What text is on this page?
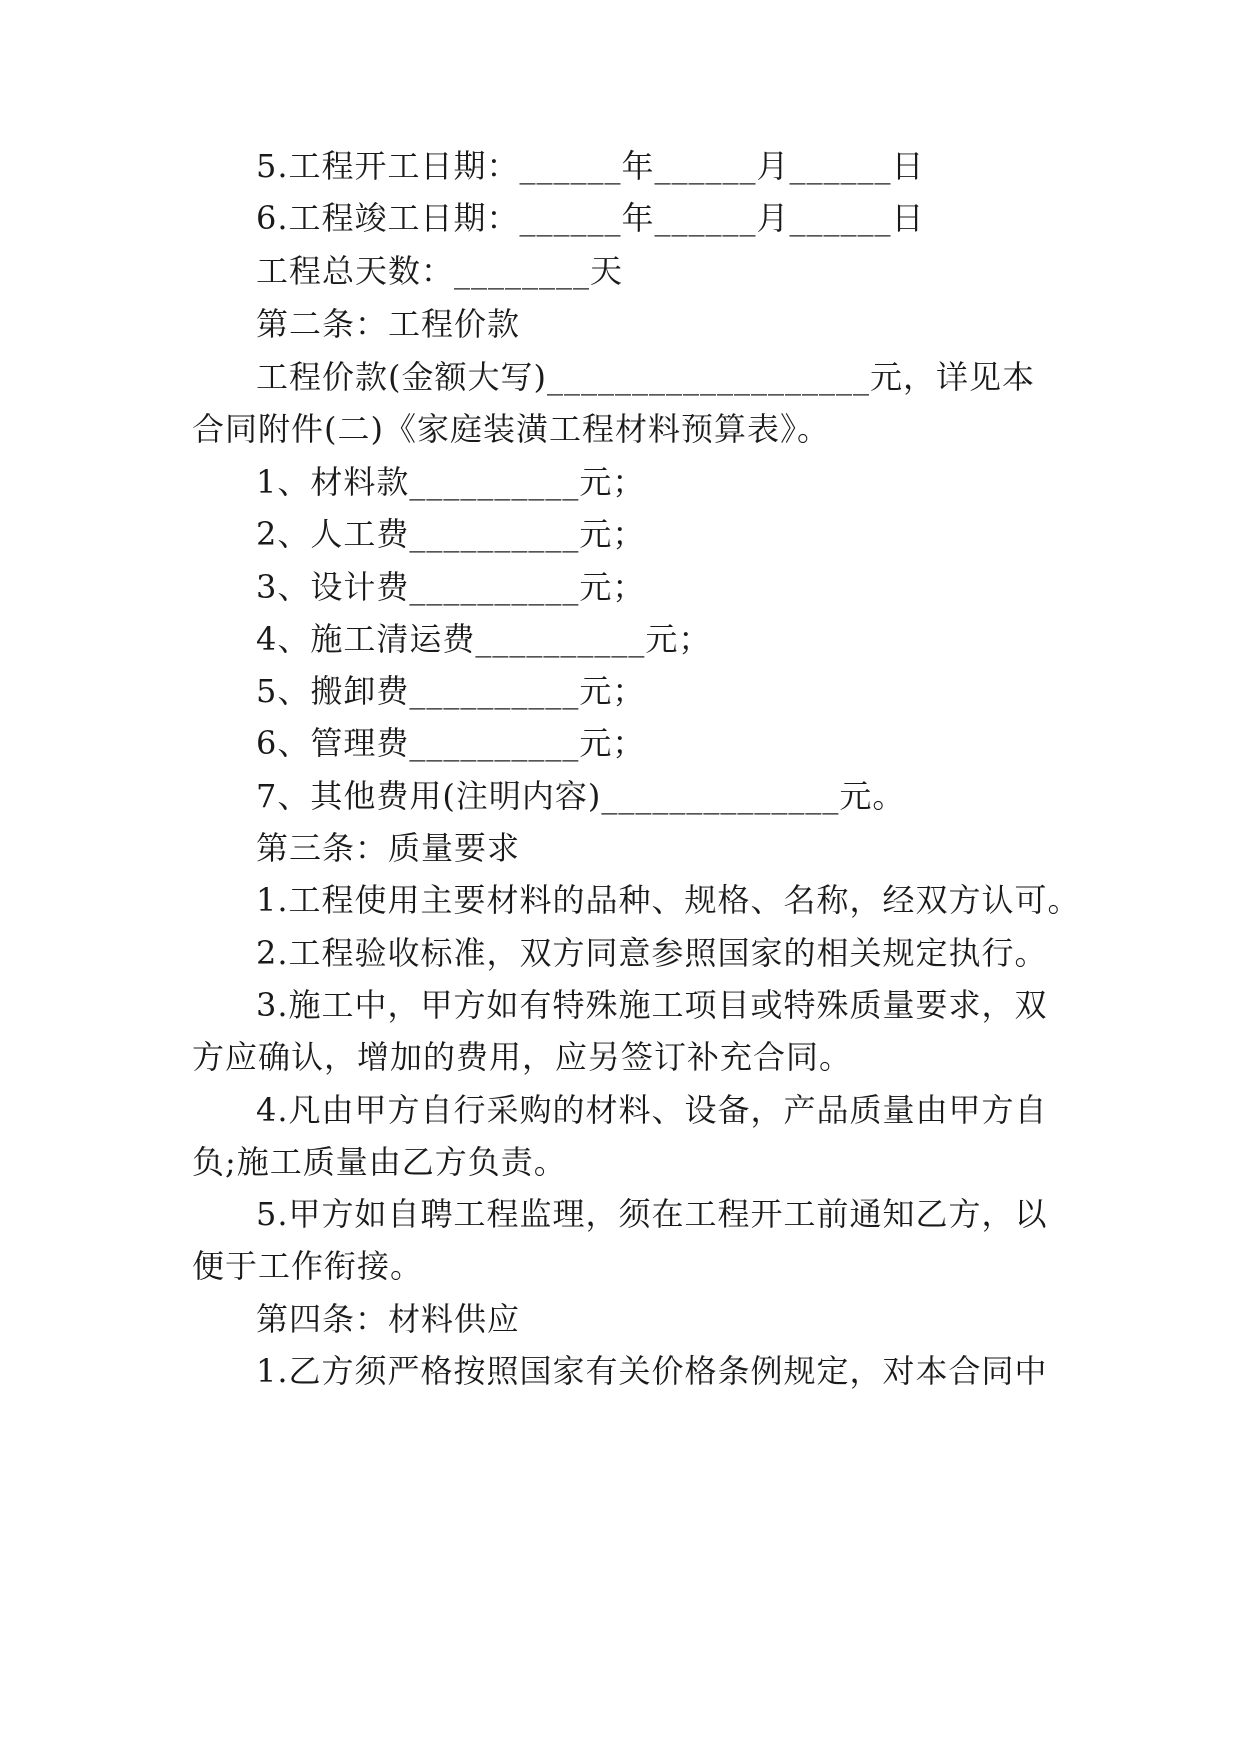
5.工程开工日期：______年______月______日
6.工程竣工日期：______年______月______日
工程总天数：________天
第二条：工程价款
工程价款(金额大写)___________________元，详见本
合同附件(二)《家庭装潢工程材料预算表》。
1、材料款__________元；
2、人工费__________元；
3、设计费__________元；
4、施工清运费__________元；
5、搬卸费__________元；
6、管理费__________元；
7、其他费用(注明内容)______________元。
第三条：质量要求
1.工程使用主要材料的品种、规格、名称，经双方认可。
2.工程验收标准，双方同意参照国家的相关规定执行。
3.施工中，甲方如有特殊施工项目或特殊质量要求，双
方应确认，增加的费用，应另签订补充合同。
4.凡由甲方自行采购的材料、设备，产品质量由甲方自
负;施工质量由乙方负责。
5.甲方如自聘工程监理，须在工程开工前通知乙方，以
便于工作衔接。
第四条：材料供应
1.乙方须严格按照国家有关价格条例规定，对本合同中
